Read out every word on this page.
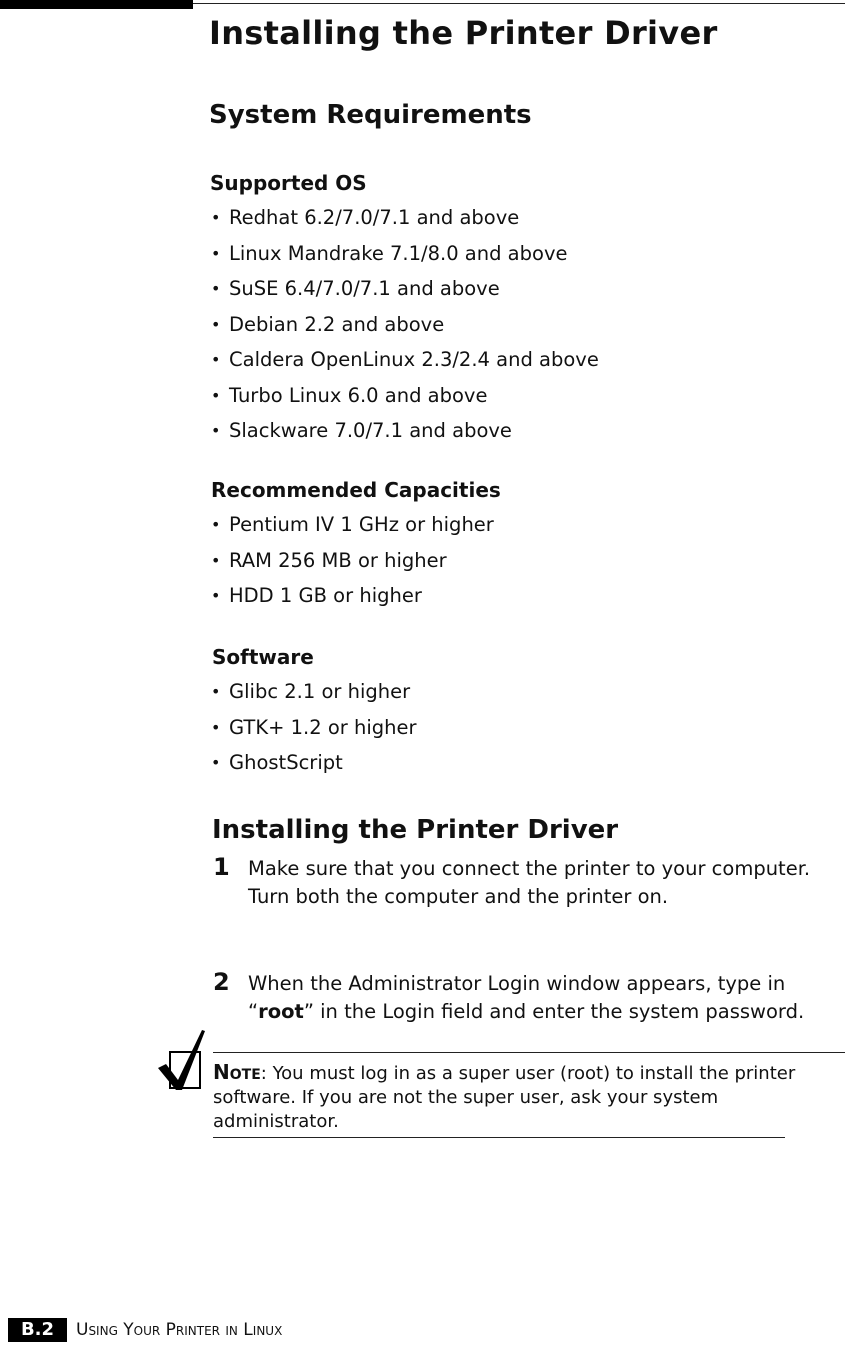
Installing the Printer Driver
System Requirements
Supported OS
• Redhat 6.2/7.0/7.1 and above
• Linux Mandrake 7.1/8.0 and above
• SuSE 6.4/7.0/7.1 and above
• Debian 2.2 and above
• Caldera OpenLinux 2.3/2.4 and above
• Turbo Linux 6.0 and above
• Slackware 7.0/7.1 and above
Recommended Capacities
• Pentium IV 1 GHz or higher
• RAM 256 MB or higher
• HDD 1 GB or higher
Software
• Glibc 2.1 or higher
• GTK+ 1.2 or higher
• GhostScript
Installing the Printer Driver
1 Make sure that you connect the printer to your computer.
Turn both the computer and the printer on.
2 When the Administrator Login window appears, type in
“root” in the Login field and enter the system password.
Note: You must log in as a super user (root) to install the printer software. If you are not the super user, ask your system administrator.
B.2	Using Your Printer in Linux
